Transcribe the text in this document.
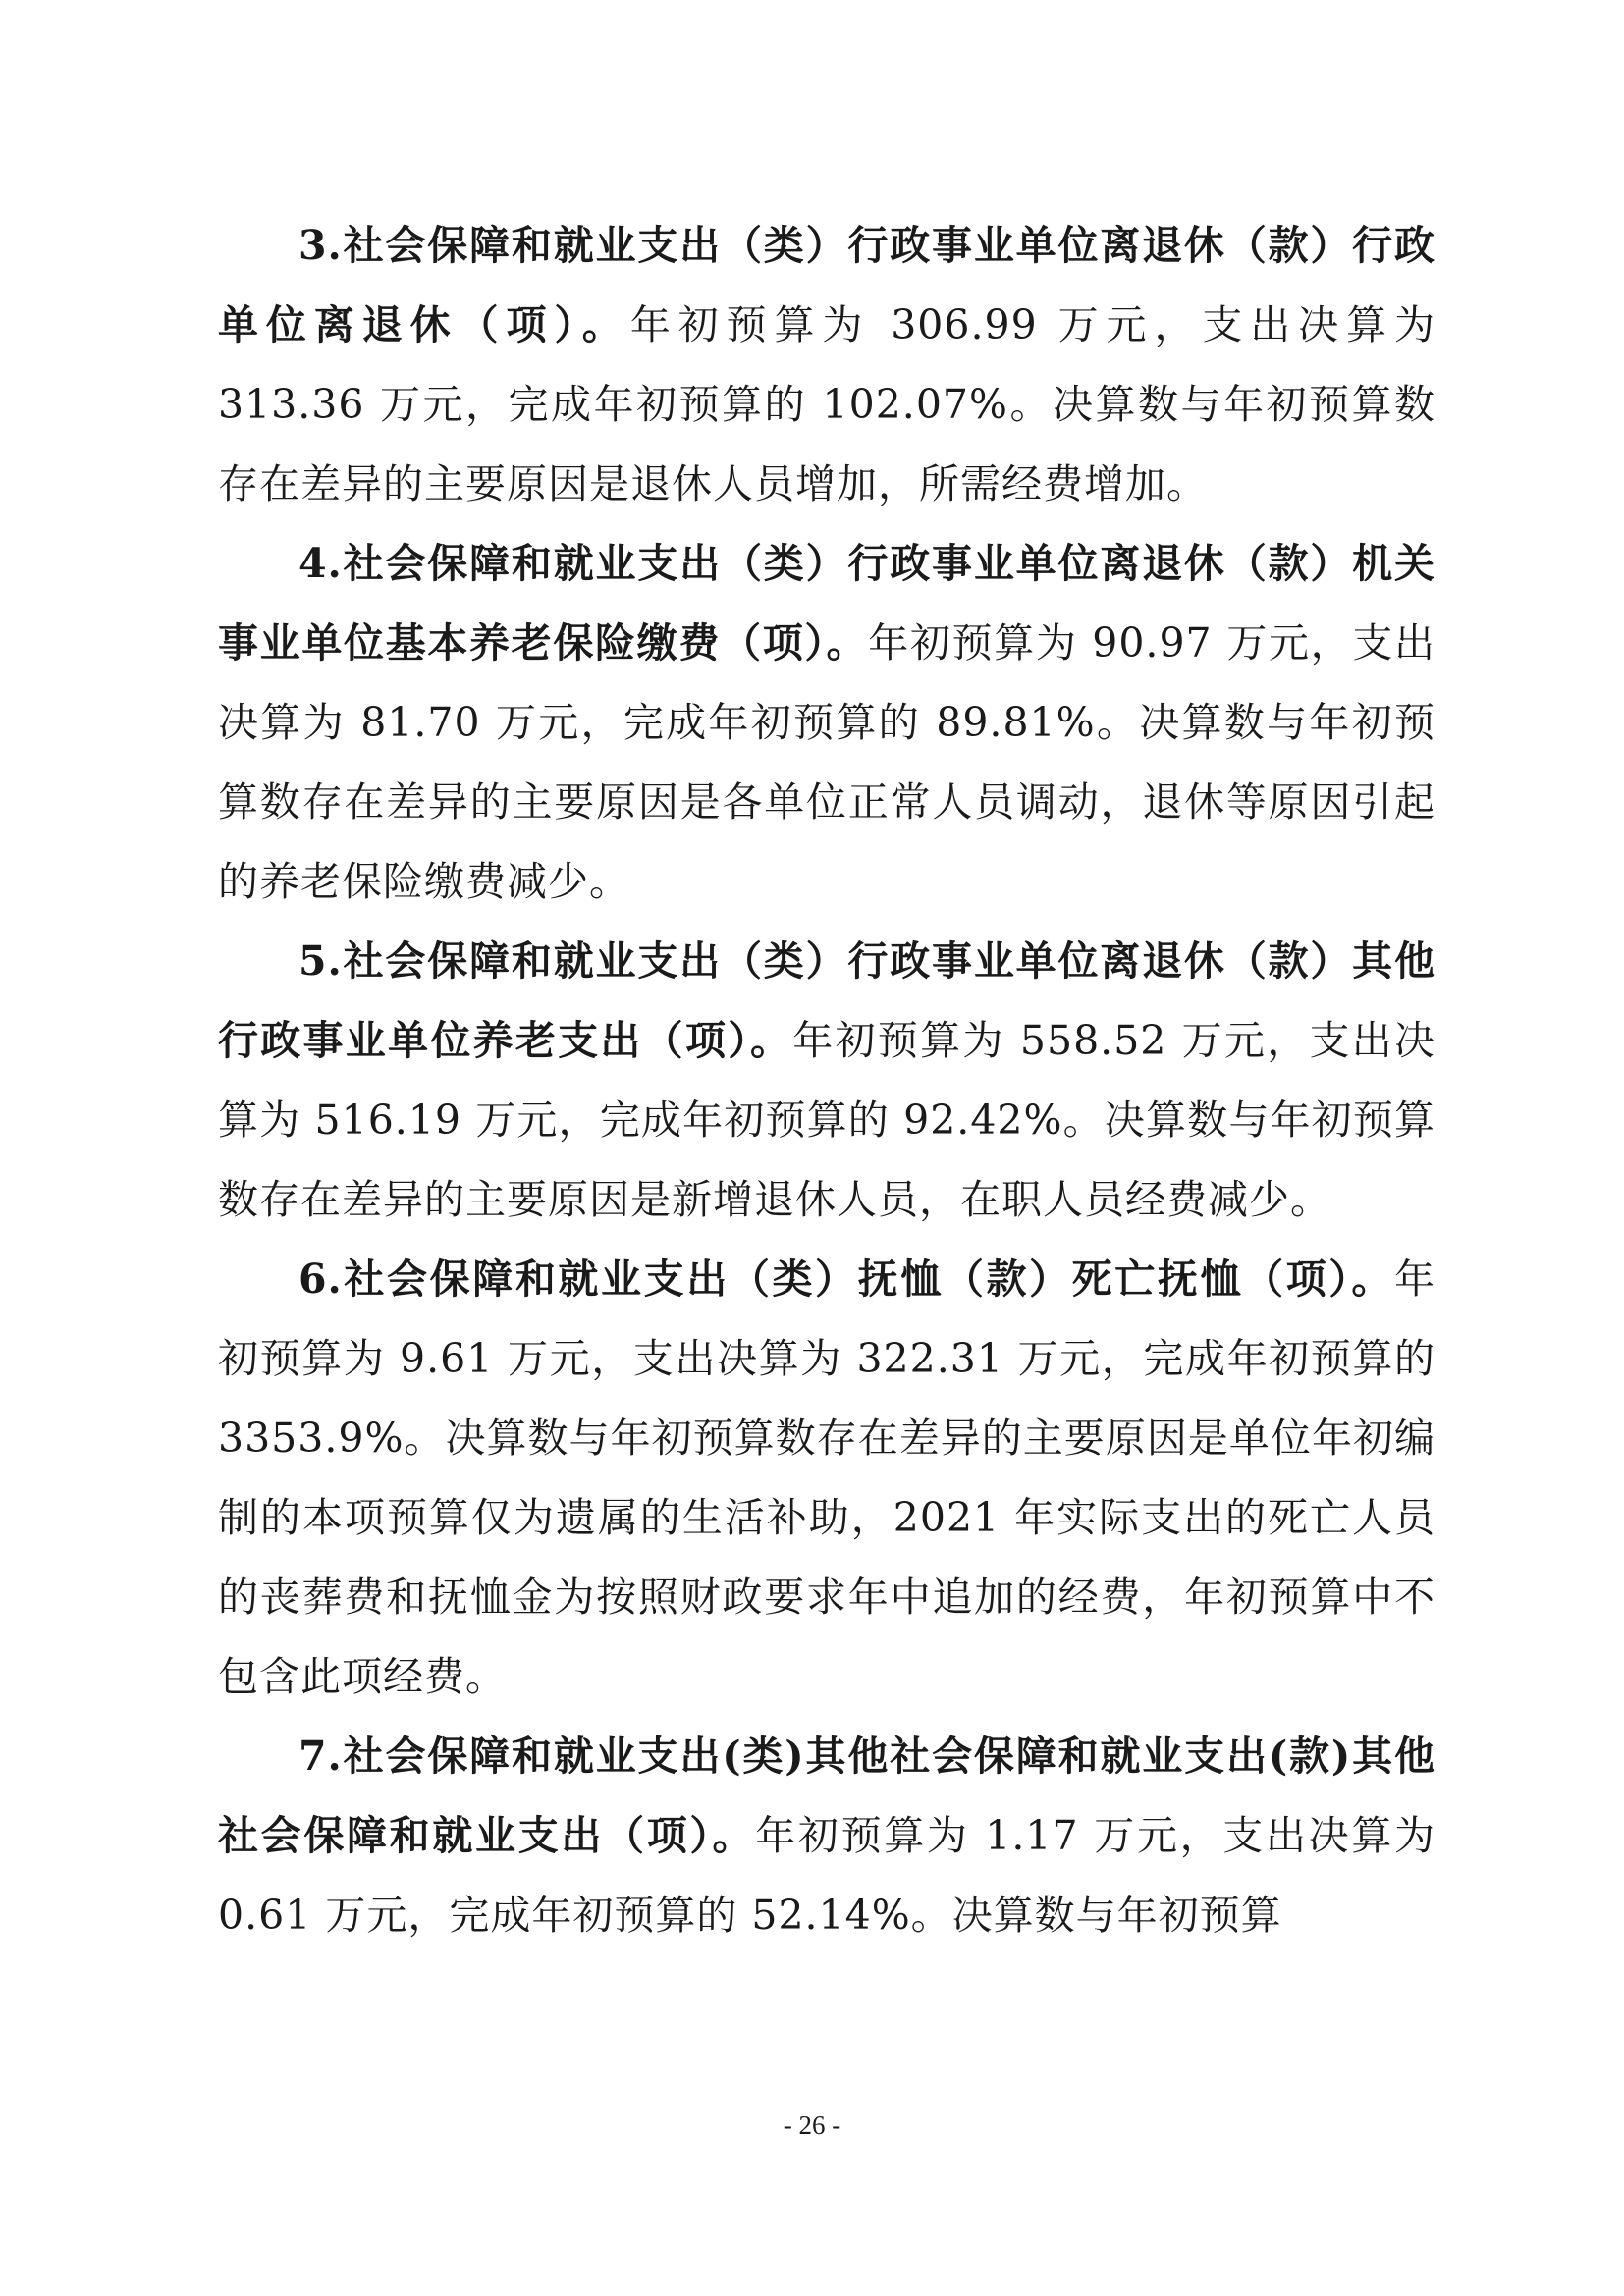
3.社会保障和就业支出（类）行政事业单位离退休（款）行政单位离退休（项）。年初预算为 306.99 万元，支出决算为 313.36 万元，完成年初预算的 102.07%。决算数与年初预算数存在差异的主要原因是退休人员增加，所需经费增加。

4.社会保障和就业支出（类）行政事业单位离退休（款）机关事业单位基本养老保险缴费（项）。年初预算为 90.97 万元，支出决算为 81.70 万元，完成年初预算的 89.81%。决算数与年初预算数存在差异的主要原因是各单位正常人员调动，退休等原因引起的养老保险缴费减少。

5.社会保障和就业支出（类）行政事业单位离退休（款）其他行政事业单位养老支出（项）。年初预算为 558.52 万元，支出决算为 516.19 万元，完成年初预算的 92.42%。决算数与年初预算数存在差异的主要原因是新增退休人员，在职人员经费减少。

6.社会保障和就业支出（类）抚恤（款）死亡抚恤（项）。年初预算为 9.61 万元，支出决算为 322.31 万元，完成年初预算的 3353.9%。决算数与年初预算数存在差异的主要原因是单位年初编制的本项预算仅为遗属的生活补助，2021 年实际支出的死亡人员的丧葬费和抚恤金为按照财政要求年中追加的经费，年初预算中不包含此项经费。

7.社会保障和就业支出(类)其他社会保障和就业支出(款)其他社会保障和就业支出（项）。年初预算为 1.17 万元，支出决算为 0.61 万元，完成年初预算的 52.14%。决算数与年初预算

- 26 -
